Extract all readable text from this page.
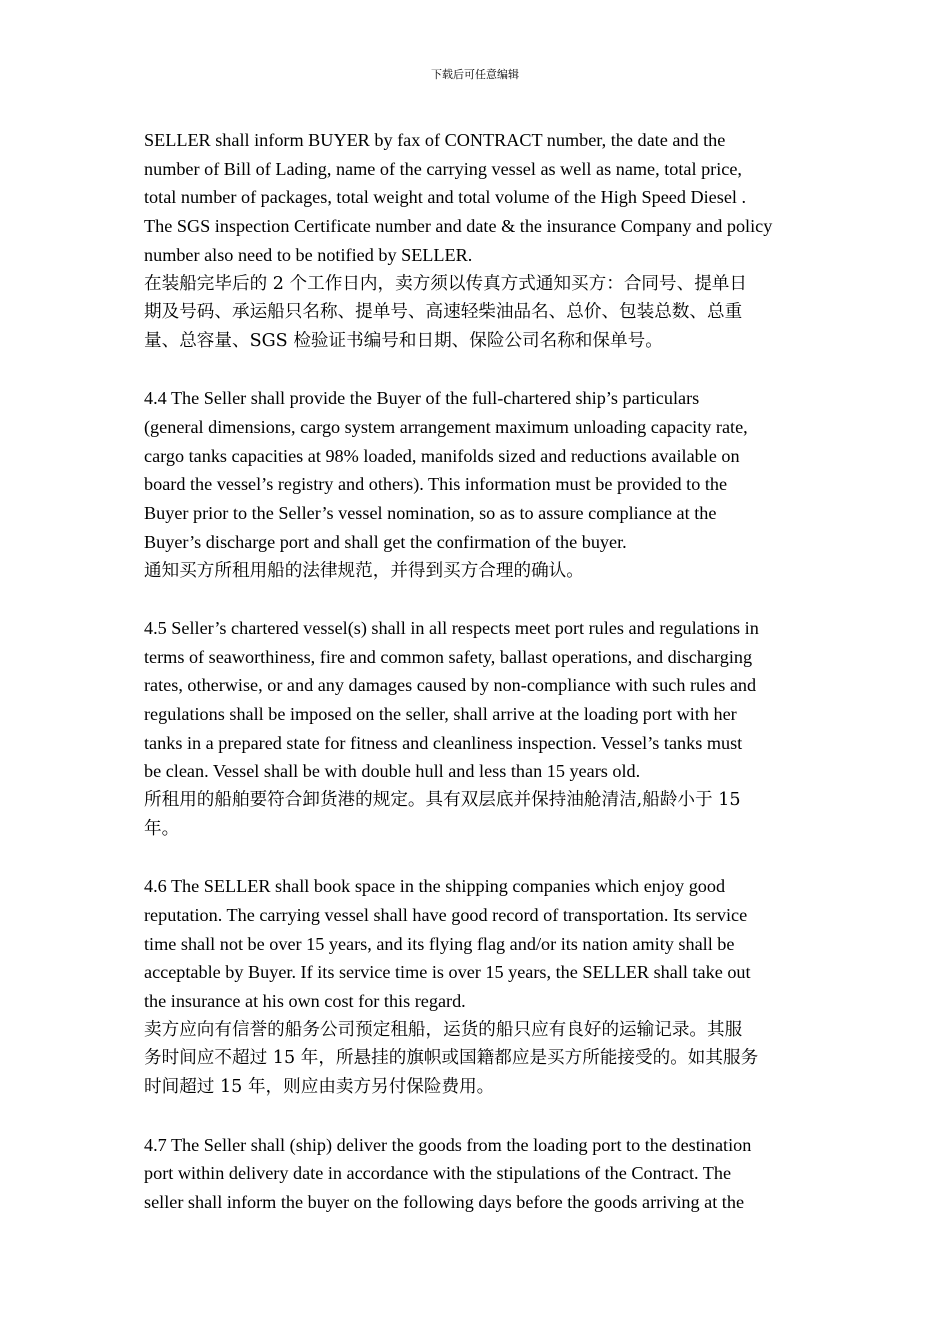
下载后可任意编辑

SELLER shall inform BUYER by fax of CONTRACT number, the date and the
number of Bill of Lading, name of the carrying vessel as well as name, total price,
total number of packages, total weight and total volume of the High Speed Diesel .
The SGS inspection Certificate number and date & the insurance Company and policy
number also need to be notified by SELLER.

在装船完毕后的 2 个工作日内，卖方须以传真方式通知买方：合同号、提单日
期及号码、承运船只名称、提单号、高速轻柴油品名、总价、包装总数、总重
量、总容量、SGS 检验证书编号和日期、保险公司名称和保单号。

4.4 The Seller shall provide the Buyer of the full-chartered ship’s particulars
(general dimensions, cargo system arrangement maximum unloading capacity rate,
cargo tanks capacities at 98% loaded, manifolds sized and reductions available on
board the vessel’s registry and others). This information must be provided to the
Buyer prior to the Seller’s vessel nomination, so as to assure compliance at the
Buyer’s discharge port and shall get the confirmation of the buyer.

通知买方所租用船的法律规范，并得到买方合理的确认。

4.5 Seller’s chartered vessel(s) shall in all respects meet port rules and regulations in
terms of seaworthiness, fire and common safety, ballast operations, and discharging
rates, otherwise, or and any damages caused by non-compliance with such rules and
regulations shall be imposed on the seller, shall arrive at the loading port with her
tanks in a prepared state for fitness and cleanliness inspection. Vessel’s tanks must
be clean. Vessel shall be with double hull and less than 15 years old.

所租用的船舶要符合卸货港的规定。具有双层底并保持油舱清洁,船龄小于 15
年。

4.6 The SELLER shall book space in the shipping companies which enjoy good
reputation. The carrying vessel shall have good record of transportation. Its service
time shall not be over 15 years, and its flying flag and/or its nation amity shall be
acceptable by Buyer. If its service time is over 15 years, the SELLER shall take out
the insurance at his own cost for this regard.

卖方应向有信誉的船务公司预定租船，运货的船只应有良好的运输记录。其服
务时间应不超过 15 年，所悬挂的旗帜或国籍都应是买方所能接受的。如其服务
时间超过 15 年，则应由卖方另付保险费用。

4.7 The Seller shall (ship) deliver the goods from the loading port to the destination
port within delivery date in accordance with the stipulations of the Contract. The
seller shall inform the buyer on the following days before the goods arriving at the
